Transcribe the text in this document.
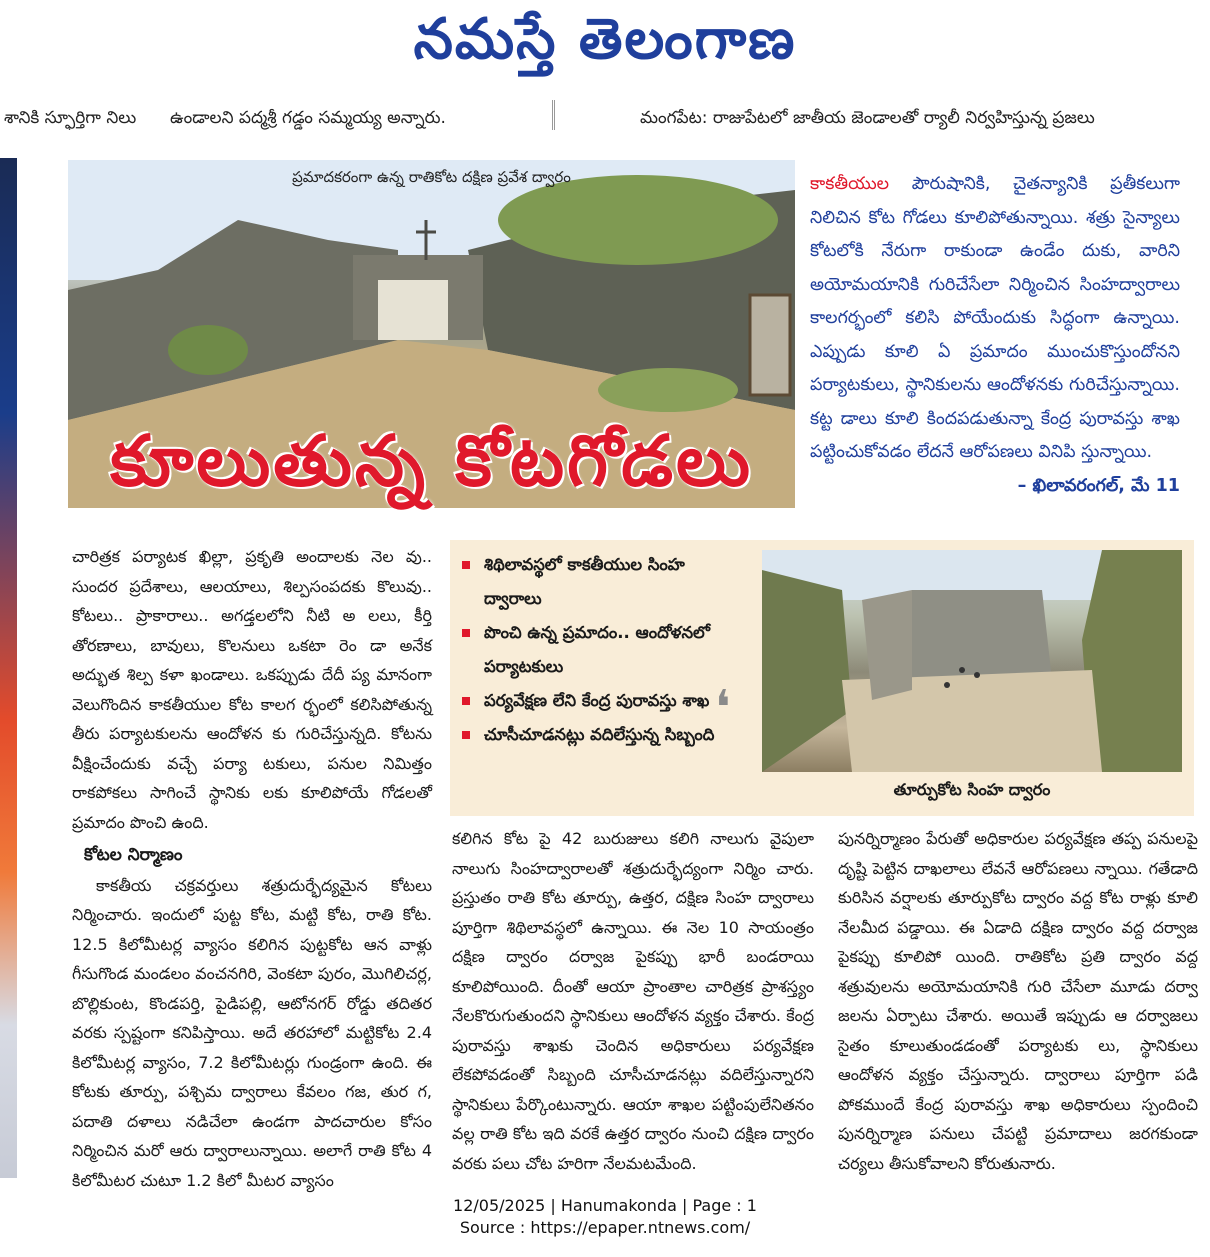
నమస్తే తెలంగాణ
శానికి స్ఫూర్తిగా నిలు ఉండాలని పద్మశ్రీ గడ్డం సమ్మయ్య అన్నారు.	మంగపేట: రాజుపేటలో జాతీయ జెండాలతో ర్యాలీ నిర్వహిస్తున్న ప్రజలు
ప్రమాదకరంగా ఉన్న రాతికోట దక్షిణ ప్రవేశ ద్వారం
కూలుతున్న కోటగోడలు
కాకతీయుల పౌరుషానికి, చైతన్యానికి ప్రతీకలుగా నిలిచిన కోట గోడలు కూలిపోతున్నాయి. శత్రు సైన్యాలు కోటలోకి నేరుగా రాకుండా ఉండేం దుకు, వారిని అయోమయానికి గురిచేసేలా నిర్మించిన సింహద్వారాలు కాలగర్భంలో కలిసి పోయేందుకు సిద్ధంగా ఉన్నాయి. ఎప్పుడు కూలి ఏ ప్రమాదం ముంచుకొస్తుందోనని పర్యాటకులు, స్థానికులను ఆందోళనకు గురిచేస్తున్నాయి. కట్ట డాలు కూలి కిందపడుతున్నా కేంద్ర పురావస్తు శాఖ పట్టించుకోవడం లేదనే ఆరోపణలు వినిపి స్తున్నాయి.
– ఖిలావరంగల్, మే 11
చారిత్రక పర్యాటక ఖిల్లా, ప్రకృతి అందాలకు నెల వు.. సుందర ప్రదేశాలు, ఆలయాలు, శిల్పసంపదకు కొలువు.. కోటలు.. ప్రాకారాలు.. అగడ్తలలోని నీటి అ లలు, కీర్తి తోరణాలు, బావులు, కొలనులు ఒకటా రెం డా అనేక అద్భుత శిల్ప కళా ఖండాలు. ఒకప్పుడు దేదీ ప్య మానంగా వెలుగొందిన కాకతీయుల కోట కాలగ ర్భంలో కలిసిపోతున్న తీరు పర్యాటకులను ఆందోళన కు గురిచేస్తున్నది. కోటను వీక్షించేందుకు వచ్చే పర్యా టకులు, పనుల నిమిత్తం రాకపోకలు సాగించే స్థానికు లకు కూలిపోయే గోడలతో ప్రమాదం పొంచి ఉంది.
కోటల నిర్మాణం
కాకతీయ చక్రవర్తులు శత్రుదుర్భేద్యమైన కోటలు నిర్మించారు. ఇందులో పుట్ట కోట, మట్టి కోట, రాతి కోట. 12.5 కిలోమీటర్ల వ్యాసం కలిగిన పుట్టకోట ఆన వాళ్లు గీసుగొండ మండలం వంచనగిరి, వెంకటా పురం, మొగిలిచర్ల, బొల్లికుంట, కొండపర్తి, పైడిపల్లి, ఆటోనగర్ రోడ్డు తదితర వరకు స్పష్టంగా కనిపిస్తాయి. అదే తరహాలో మట్టికోట 2.4 కిలోమీటర్ల వ్యాసం, 7.2 కిలోమీటర్లు గుండ్రంగా ఉంది. ఈ కోటకు తూర్పు, పశ్చిమ ద్వారాలు కేవలం గజ, తుర గ, పదాతి దళాలు నడిచేలా ఉండగా పాదచారుల కోసం నిర్మించిన మరో ఆరు ద్వారాలున్నాయి. అలాగే రాతి కోట 4 కిలోమీటర చుటూ 1.2 కిలో మీటర వ్యాసం
శిథిలావస్థలో కాకతీయుల సింహ ద్వారాలు
పొంచి ఉన్న ప్రమాదం.. ఆందోళనలో పర్యాటకులు
పర్యవేక్షణ లేని కేంద్ర పురావస్తు శాఖ
చూసీచూడనట్లు వదిలేస్తున్న సిబ్బంది ❛
తూర్పుకోట సింహ ద్వారం
కలిగిన కోట పై 42 బురుజులు కలిగి నాలుగు వైపులా నాలుగు సింహద్వారాలతో శత్రుదుర్భేద్యంగా నిర్మిం చారు. ప్రస్తుతం రాతి కోట తూర్పు, ఉత్తర, దక్షిణ సింహ ద్వారాలు పూర్తిగా శిథిలావస్థలో ఉన్నాయి. ఈ నెల 10 సాయంత్రం దక్షిణ ద్వారం దర్వాజ పైకప్పు భారీ బండరాయి కూలిపోయింది. దీంతో ఆయా ప్రాంతాల చారిత్రక ప్రాశస్త్యం నేలకొరుగుతుందని స్థానికులు ఆందోళన వ్యక్తం చేశారు. కేంద్ర పురావస్తు శాఖకు చెందిన అధికారులు పర్యవేక్షణ లేకపోవడంతో సిబ్బంది చూసీచూడనట్లు వదిలేస్తున్నారని స్థానికులు పేర్కొంటున్నారు. ఆయా శాఖల పట్టింపులేనితనం వల్ల రాతి కోట ఇది వరకే ఉత్తర ద్వారం నుంచి దక్షిణ ద్వారం వరకు పలు చోట హరిగా నేలమటమేంది.
పునర్నిర్మాణం పేరుతో అధికారుల పర్యవేక్షణ తప్ప పనులపై దృష్టి పెట్టిన దాఖలాలు లేవనే ఆరోపణలు న్నాయి. గతేడాది కురిసిన వర్షాలకు తూర్పుకోట ద్వారం వద్ద కోట రాళ్లు కూలి నేలమీద పడ్డాయి. ఈ ఏడాది దక్షిణ ద్వారం వద్ద దర్వాజ పైకప్పు కూలిపో యింది. రాతికోట ప్రతి ద్వారం వద్ద శత్రువులను అయోమయానికి గురి చేసేలా మూడు దర్వా జలను ఏర్పాటు చేశారు. అయితే ఇప్పుడు ఆ దర్వాజలు సైతం కూలుతుండడంతో పర్యాటకు లు, స్థానికులు ఆందోళన వ్యక్తం చేస్తున్నారు. ద్వారాలు పూర్తిగా పడి పోకముందే కేంద్ర పురావస్తు శాఖ అధికారులు స్పందించి పునర్నిర్మాణ పనులు చేపట్టి ప్రమాదాలు జరగకుండా చర్యలు తీసుకోవాలని కోరుతునారు.
12/05/2025 | Hanumakonda | Page : 1
Source : https://epaper.ntnews.com/
